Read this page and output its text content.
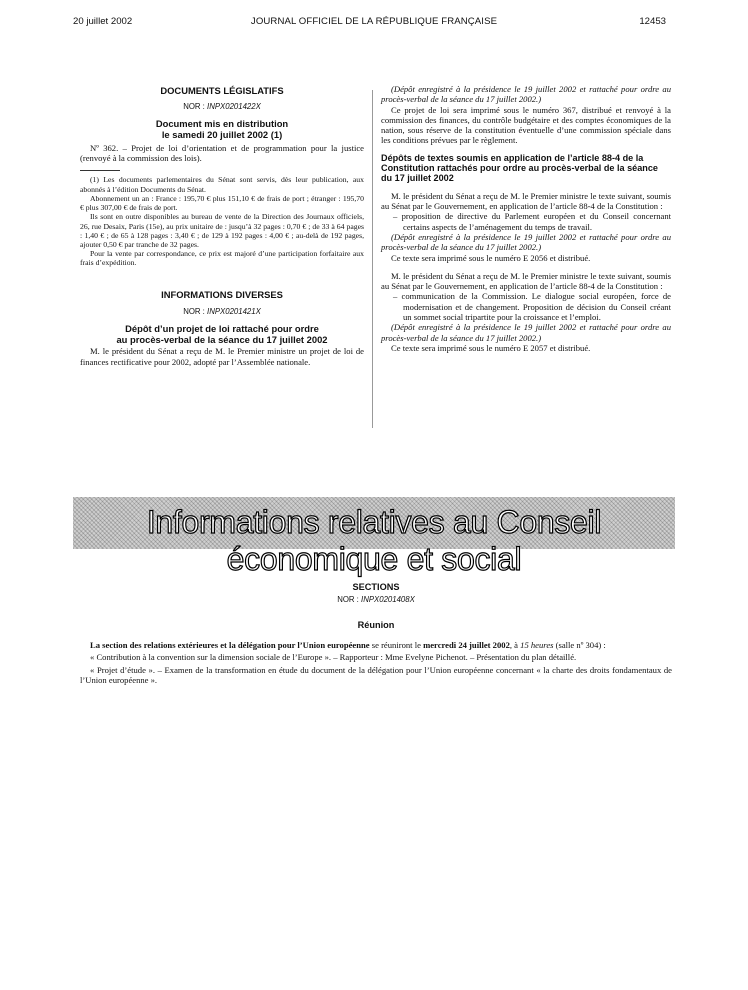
20 juillet 2002	JOURNAL OFFICIEL DE LA RÉPUBLIQUE FRANÇAISE	12453
DOCUMENTS LÉGISLATIFS
NOR : INPX0201422X
Document mis en distribution
le samedi 20 juillet 2002 (1)

Nº 362. – Projet de loi d’orientation et de programmation pour la justice (renvoyé à la commission des lois).

(1) Les documents parlementaires du Sénat sont servis, dès leur publication, aux abonnés à l’édition Documents du Sénat.

Abonnement un an : France : 195,70 € plus 151,10 € de frais de port ; étranger : 195,70 € plus 307,00 € de frais de port.

Ils sont en outre disponibles au bureau de vente de la Direction des Journaux officiels, 26, rue Desaix, Paris (15e), au prix unitaire de : jusqu’à 32 pages : 0,70 € ; de 33 à 64 pages : 1,40 € ; de 65 à 128 pages : 3,40 € ; de 129 à 192 pages : 4,00 € ; au-delà de 192 pages, ajouter 0,50 € par tranche de 32 pages.

Pour la vente par correspondance, ce prix est majoré d’une participation forfaitaire aux frais d’expédition.

INFORMATIONS DIVERSES
NOR : INPX0201421X
Dépôt d’un projet de loi rattaché pour ordre
au procès-verbal de la séance du 17 juillet 2002

M. le président du Sénat a reçu de M. le Premier ministre un projet de loi de finances rectificative pour 2002, adopté par l’Assemblée nationale.

(Dépôt enregistré à la présidence le 19 juillet 2002 et rattaché pour ordre au procès-verbal de la séance du 17 juillet 2002.)

Ce projet de loi sera imprimé sous le numéro 367, distribué et renvoyé à la commission des finances, du contrôle budgétaire et des comptes économiques de la nation, sous réserve de la constitution éventuelle d’une commission spéciale dans les conditions prévues par le règlement.

Dépôts de textes soumis en application de l’article 88-4 de la Constitution rattachés pour ordre au procès-verbal de la séance du 17 juillet 2002

M. le président du Sénat a reçu de M. le Premier ministre le texte suivant, soumis au Sénat par le Gouvernement, en application de l’article 88-4 de la Constitution :

– proposition de directive du Parlement européen et du Conseil concernant certains aspects de l’aménagement du temps de travail.

(Dépôt enregistré à la présidence le 19 juillet 2002 et rattaché pour ordre au procès-verbal de la séance du 17 juillet 2002.)

Ce texte sera imprimé sous le numéro E 2056 et distribué.

M. le président du Sénat a reçu de M. le Premier ministre le texte suivant, soumis au Sénat par le Gouvernement, en application de l’article 88-4 de la Constitution :

– communication de la Commission. Le dialogue social européen, force de modernisation et de changement. Proposition de décision du Conseil créant un sommet social tripartite pour la croissance et l’emploi.

(Dépôt enregistré à la présidence le 19 juillet 2002 et rattaché pour ordre au procès-verbal de la séance du 17 juillet 2002.)

Ce texte sera imprimé sous le numéro E 2057 et distribué.

Informations relatives au Conseil économique et social
SECTIONS
NOR : INPX0201408X
Réunion

La section des relations extérieures et la délégation pour l’Union européenne se réuniront le mercredi 24 juillet 2002, à 15 heures (salle nº 304) :

« Contribution à la convention sur la dimension sociale de l’Europe ». – Rapporteur : Mme Evelyne Pichenot. – Présentation du plan détaillé.

« Projet d’étude ». – Examen de la transformation en étude du document de la délégation pour l’Union européenne concernant « la charte des droits fondamentaux de l’Union européenne ».
